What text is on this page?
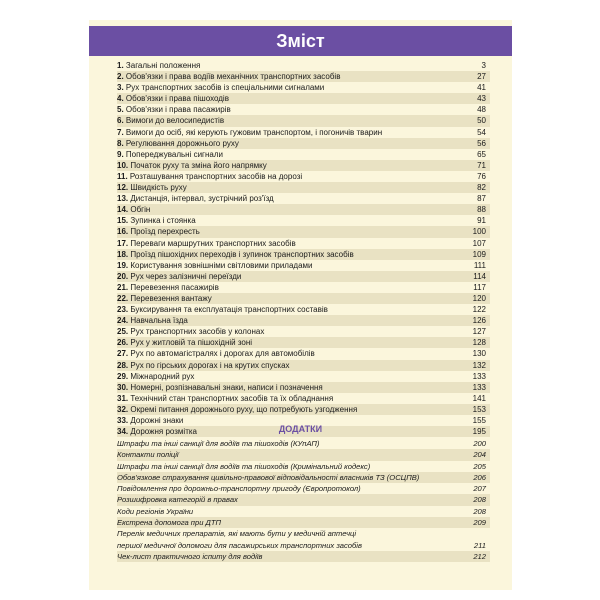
Зміст
1. Загальні положення	3
2. Обов'язки і права водіїв механічних транспортних засобів	27
3. Рух транспортних засобів із спеціальними сигналами	41
4. Обов'язки і права пішоходів	43
5. Обов'язки і права пасажирів	48
6. Вимоги до велосипедистів	50
7. Вимоги до осіб, які керують гужовим транспортом, і погоничів тварин	54
8. Регулювання дорожнього руху	56
9. Попереджувальні сигнали	65
10. Початок руху та зміна його напрямку	71
11. Розташування транспортних засобів на дорозі	76
12. Швидкість руху	82
13. Дистанція, інтервал, зустрічний роз'їзд	87
14. Обгін	88
15. Зупинка і стоянка	91
16. Проїзд перехресть	100
17. Переваги маршрутних транспортних засобів	107
18. Проїзд пішохідних переходів і зупинок транспортних засобів	109
19. Користування зовнішніми світловими приладами	111
20. Рух через залізничні переїзди	114
21. Перевезення пасажирів	117
22. Перевезення вантажу	120
23. Буксирування та експлуатація транспортних составів	122
24. Навчальна їзда	126
25. Рух транспортних засобів у колонах	127
26. Рух у житловій та пішохідній зоні	128
27. Рух по автомагістралях і дорогах для автомобілів	130
28. Рух по гірських дорогах і на крутих спусках	132
29. Міжнародний рух	133
30. Номерні, розпізнавальні знаки, написи і позначення	133
31. Технічний стан транспортних засобів та їх обладнання	141
32. Окремі питання дорожнього руху, що потребують узгодження	153
33. Дорожні знаки	155
34. Дорожня розмітка	195
ДОДАТКИ
Штрафи та інші санкції для водіїв та пішоходів (КУпАП)	200
Контакти поліції	204
Штрафи та інші санкції для водіїв та пішоходів (Кримінальний кодекс)	205
Обов'язкове страхування цивільно-правової відповідальності власників ТЗ (ОСЦПВ)	206
Повідомлення про дорожньо-транспортну пригоду (Європротокол)	207
Розшифровка категорій в правах	208
Коди регіонів України	208
Екстрена допомога при ДТП	209
Перелік медичних препаратів, які мають бути у медичній аптечці
першої медичної допомоги для пасажирських транспортних засобів	211
Чек-лист практичного іспиту для водіїв	212
